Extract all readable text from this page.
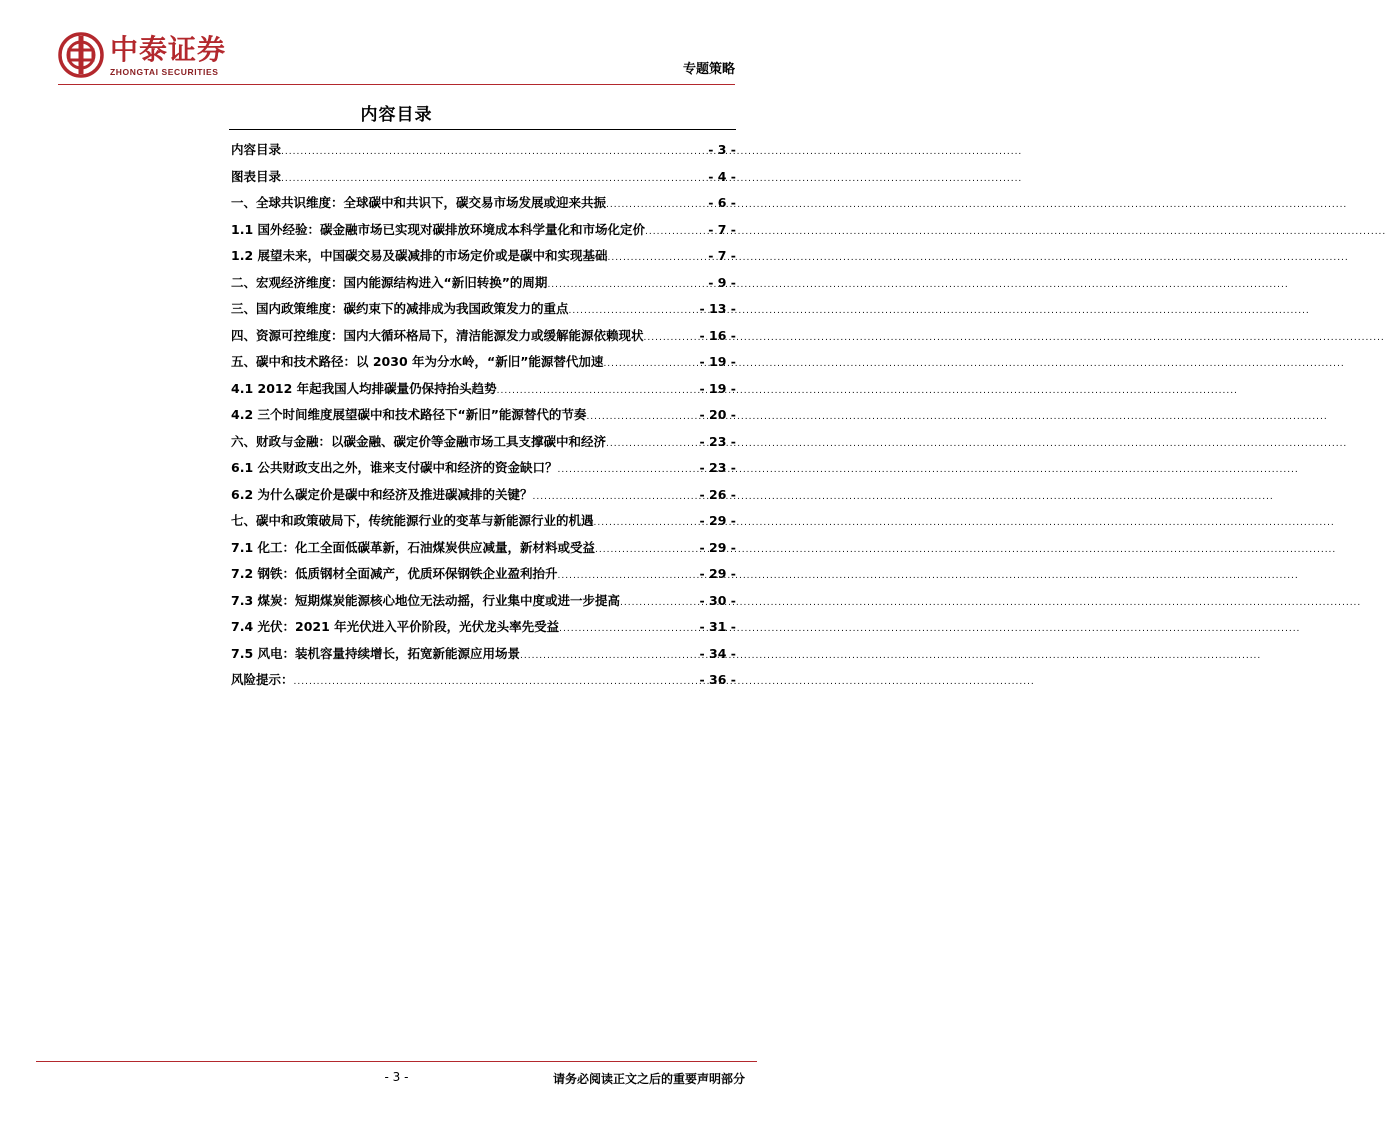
中泰证券
ZHONGTAI SECURITIES	专题策略
内容目录
内容目录 .....	- 3 -
图表目录 .....	- 4 -
一、全球共识维度：全球碳中和共识下，碳交易市场发展或迎来共振 .....	- 6 -
1.1 国外经验：碳金融市场已实现对碳排放环境成本科学量化和市场化定价 .....	- 7 -
1.2 展望未来，中国碳交易及碳减排的市场定价或是碳中和实现基础 .....	- 7 -
二、宏观经济维度：国内能源结构进入“新旧转换”的周期 .....	- 9 -
三、国内政策维度：碳约束下的减排成为我国政策发力的重点 .....	- 13 -
四、资源可控维度：国内大循环格局下，清洁能源发力或缓解能源依赖现状 .....	- 16 -
五、碳中和技术路径：以 2030 年为分水岭，“新旧”能源替代加速 .....	- 19 -
4.1 2012 年起我国人均排碳量仍保持抬头趋势 .....	- 19 -
4.2 三个时间维度展望碳中和技术路径下“新旧”能源替代的节奏 .....	- 20 -
六、财政与金融：以碳金融、碳定价等金融市场工具支撑碳中和经济 .....	- 23 -
6.1 公共财政支出之外，谁来支付碳中和经济的资金缺口？ .....	- 23 -
6.2 为什么碳定价是碳中和经济及推进碳减排的关键？ .....	- 26 -
七、碳中和政策破局下，传统能源行业的变革与新能源行业的机遇 .....	- 29 -
7.1 化工：化工全面低碳革新，石油煤炭供应减量，新材料或受益 .....	- 29 -
7.2 钢铁：低质钢材全面减产，优质环保钢铁企业盈利抬升 .....	- 29 -
7.3 煤炭：短期煤炭能源核心地位无法动摇，行业集中度或进一步提高 .....	- 30 -
7.4 光伏：2021 年光伏进入平价阶段，光伏龙头率先受益 .....	- 31 -
7.5 风电：装机容量持续增长，拓宽新能源应用场景 .....	- 34 -
风险提示： .....	- 36 -
- 3 -	请务必阅读正文之后的重要声明部分
